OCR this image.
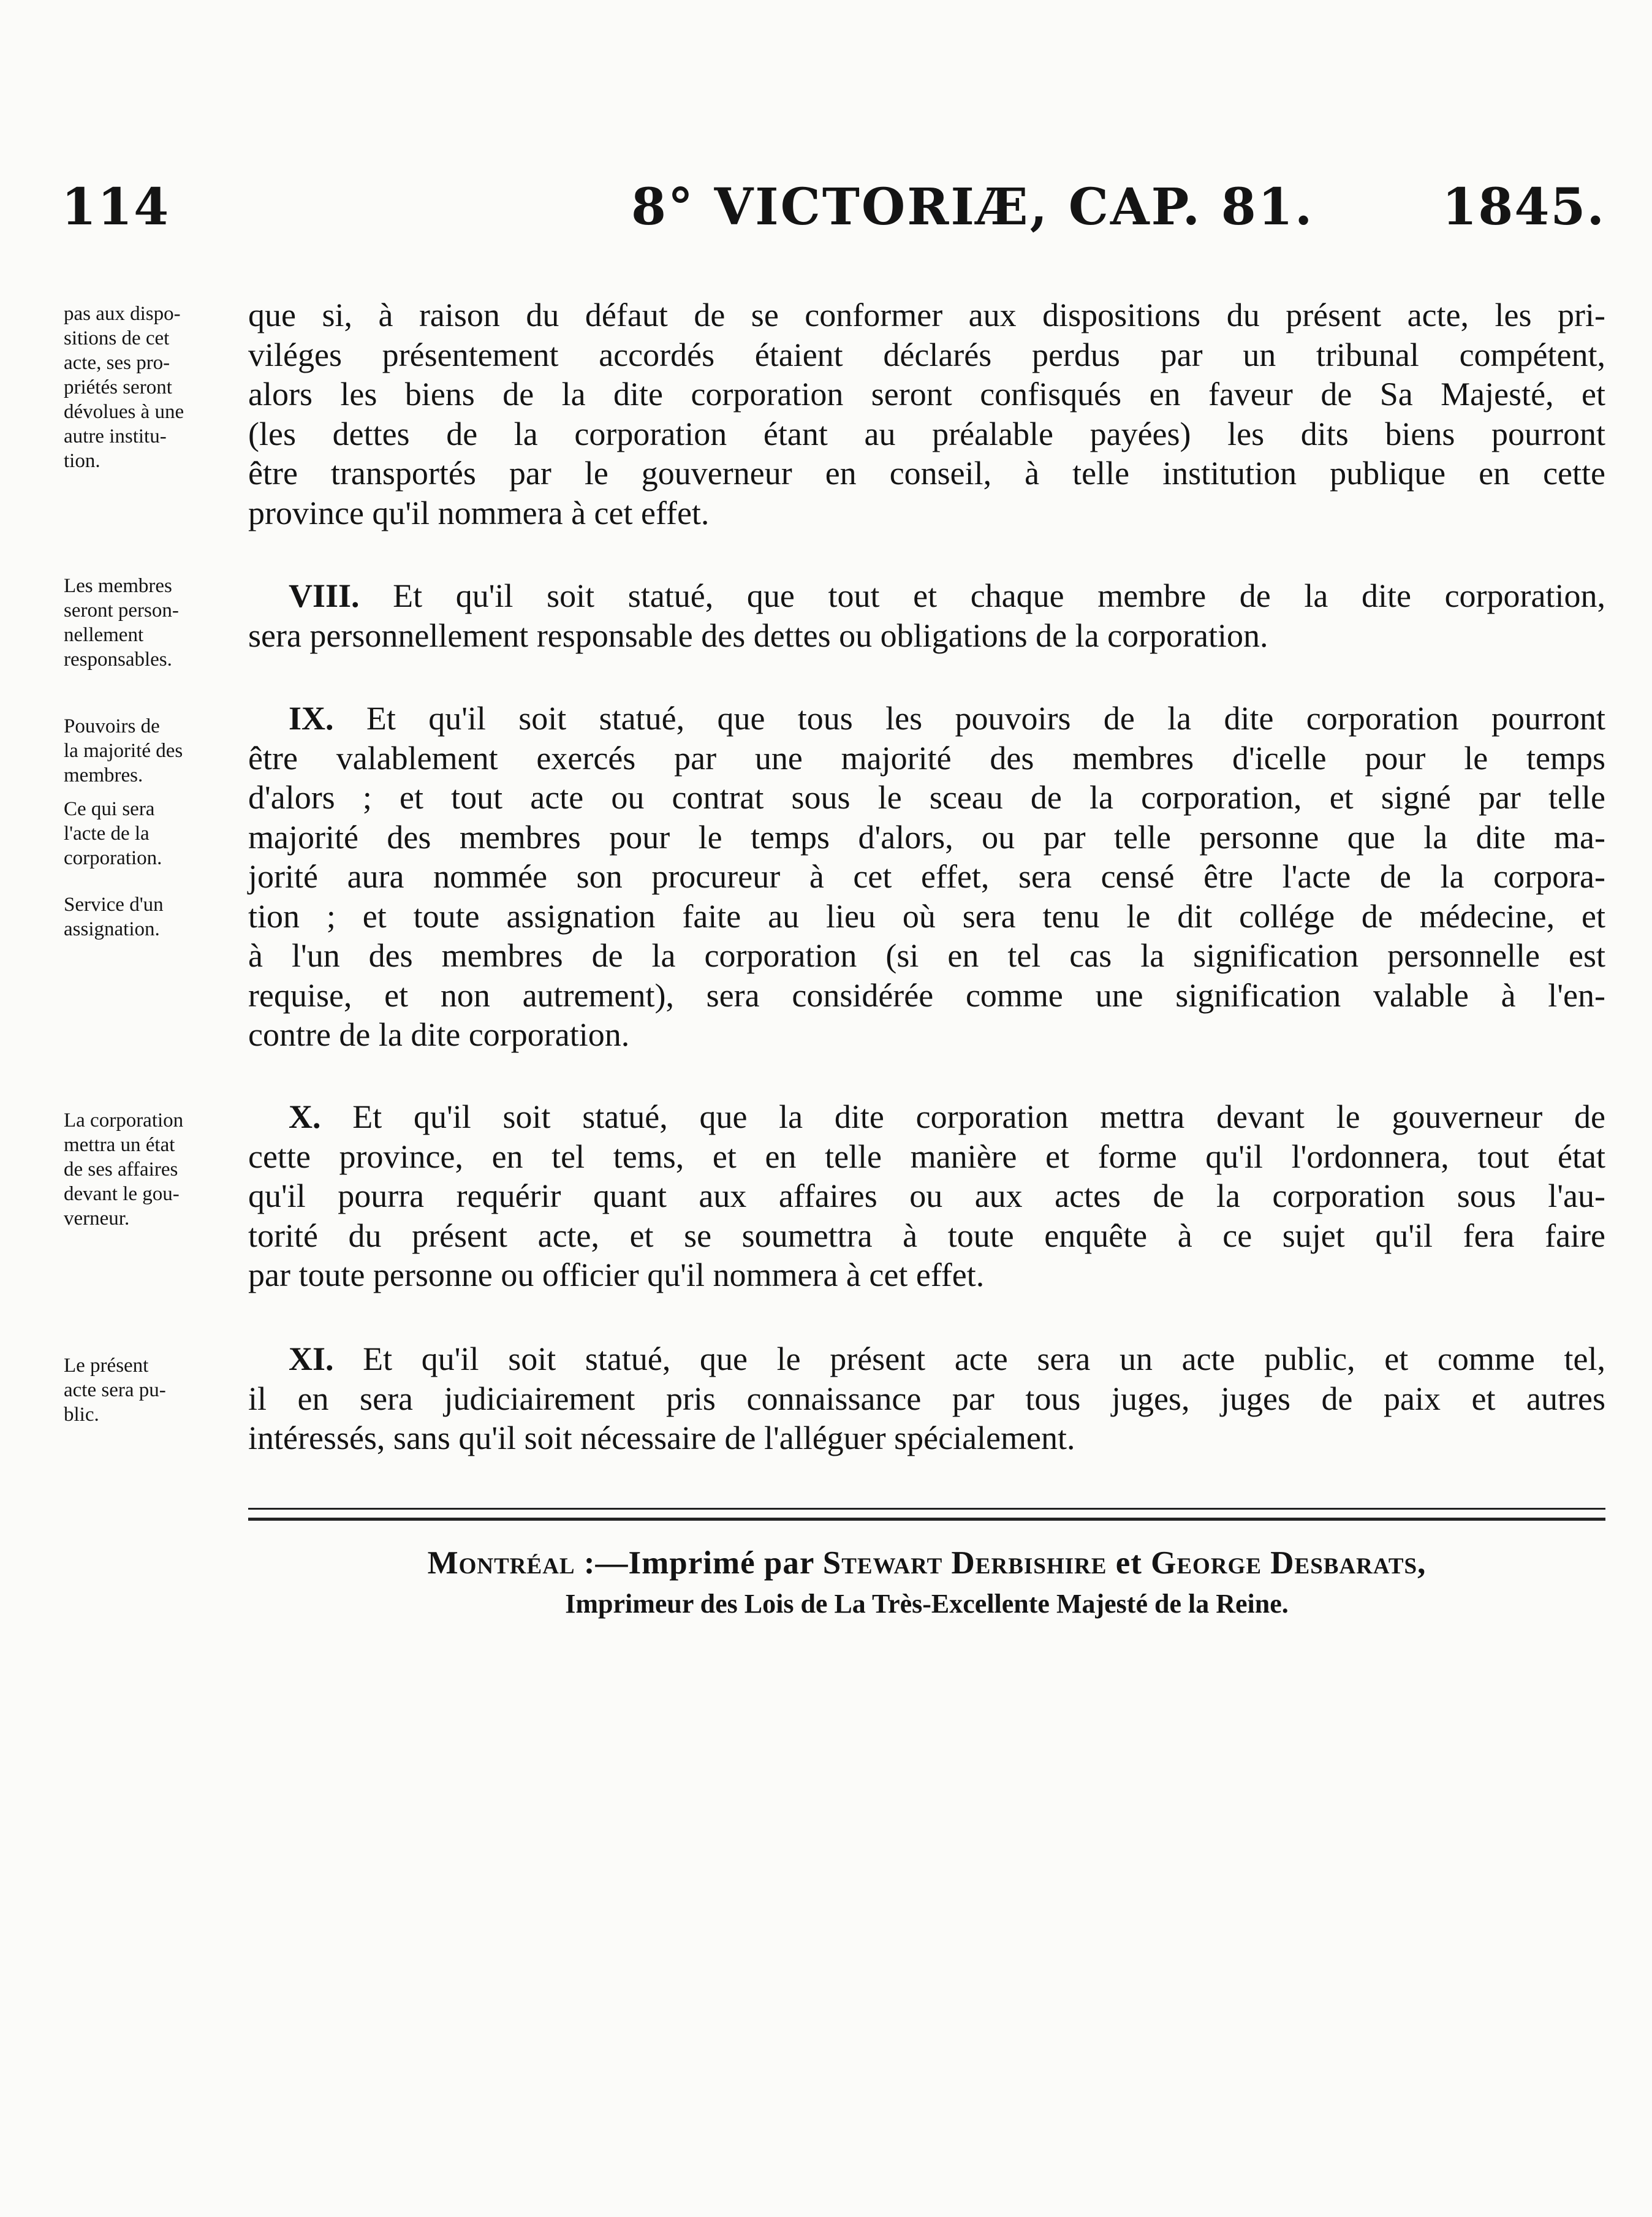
114	8° VICTORIÆ, CAP. 81.	1845.
pas aux dispo-
sitions de cet
acte, ses pro-
priétés seront
dévolues à une
autre institu-
tion.
Les membres
seront person-
nellement
responsables.
Pouvoirs de
la majorité des
membres.
Ce qui sera
l'acte de la
corporation.
Service d'un
assignation.
La corporation
mettra un état
de ses affaires
devant le gou-
verneur.
Le présent
acte sera pu-
blic.
que si, à raison du défaut de se conformer aux dispositions du présent acte, les pri-
viléges présentement accordés étaient déclarés perdus par un tribunal compétent,
alors les biens de la dite corporation seront confisqués en faveur de Sa Majesté, et
(les dettes de la corporation étant au préalable payées) les dits biens pourront
être transportés par le gouverneur en conseil, à telle institution publique en cette
province qu'il nommera à cet effet.
VIII. Et qu'il soit statué, que tout et chaque membre de la dite corporation,
sera personnellement responsable des dettes ou obligations de la corporation.
IX. Et qu'il soit statué, que tous les pouvoirs de la dite corporation pourront
être valablement exercés par une majorité des membres d'icelle pour le temps
d'alors ; et tout acte ou contrat sous le sceau de la corporation, et signé par telle
majorité des membres pour le temps d'alors, ou par telle personne que la dite ma-
jorité aura nommée son procureur à cet effet, sera censé être l'acte de la corpora-
tion ; et toute assignation faite au lieu où sera tenu le dit collége de médecine, et
à l'un des membres de la corporation (si en tel cas la signification personnelle est
requise, et non autrement), sera considérée comme une signification valable à l'en-
contre de la dite corporation.
X. Et qu'il soit statué, que la dite corporation mettra devant le gouverneur de
cette province, en tel tems, et en telle manière et forme qu'il l'ordonnera, tout état
qu'il pourra requérir quant aux affaires ou aux actes de la corporation sous l'au-
torité du présent acte, et se soumettra à toute enquête à ce sujet qu'il fera faire
par toute personne ou officier qu'il nommera à cet effet.
XI. Et qu'il soit statué, que le présent acte sera un acte public, et comme tel,
il en sera judiciairement pris connaissance par tous juges, juges de paix et autres
intéressés, sans qu'il soit nécessaire de l'alléguer spécialement.
Montréal :—Imprimé par Stewart Derbishire et George Desbarats,
Imprimeur des Lois de La Très-Excellente Majesté de la Reine.
